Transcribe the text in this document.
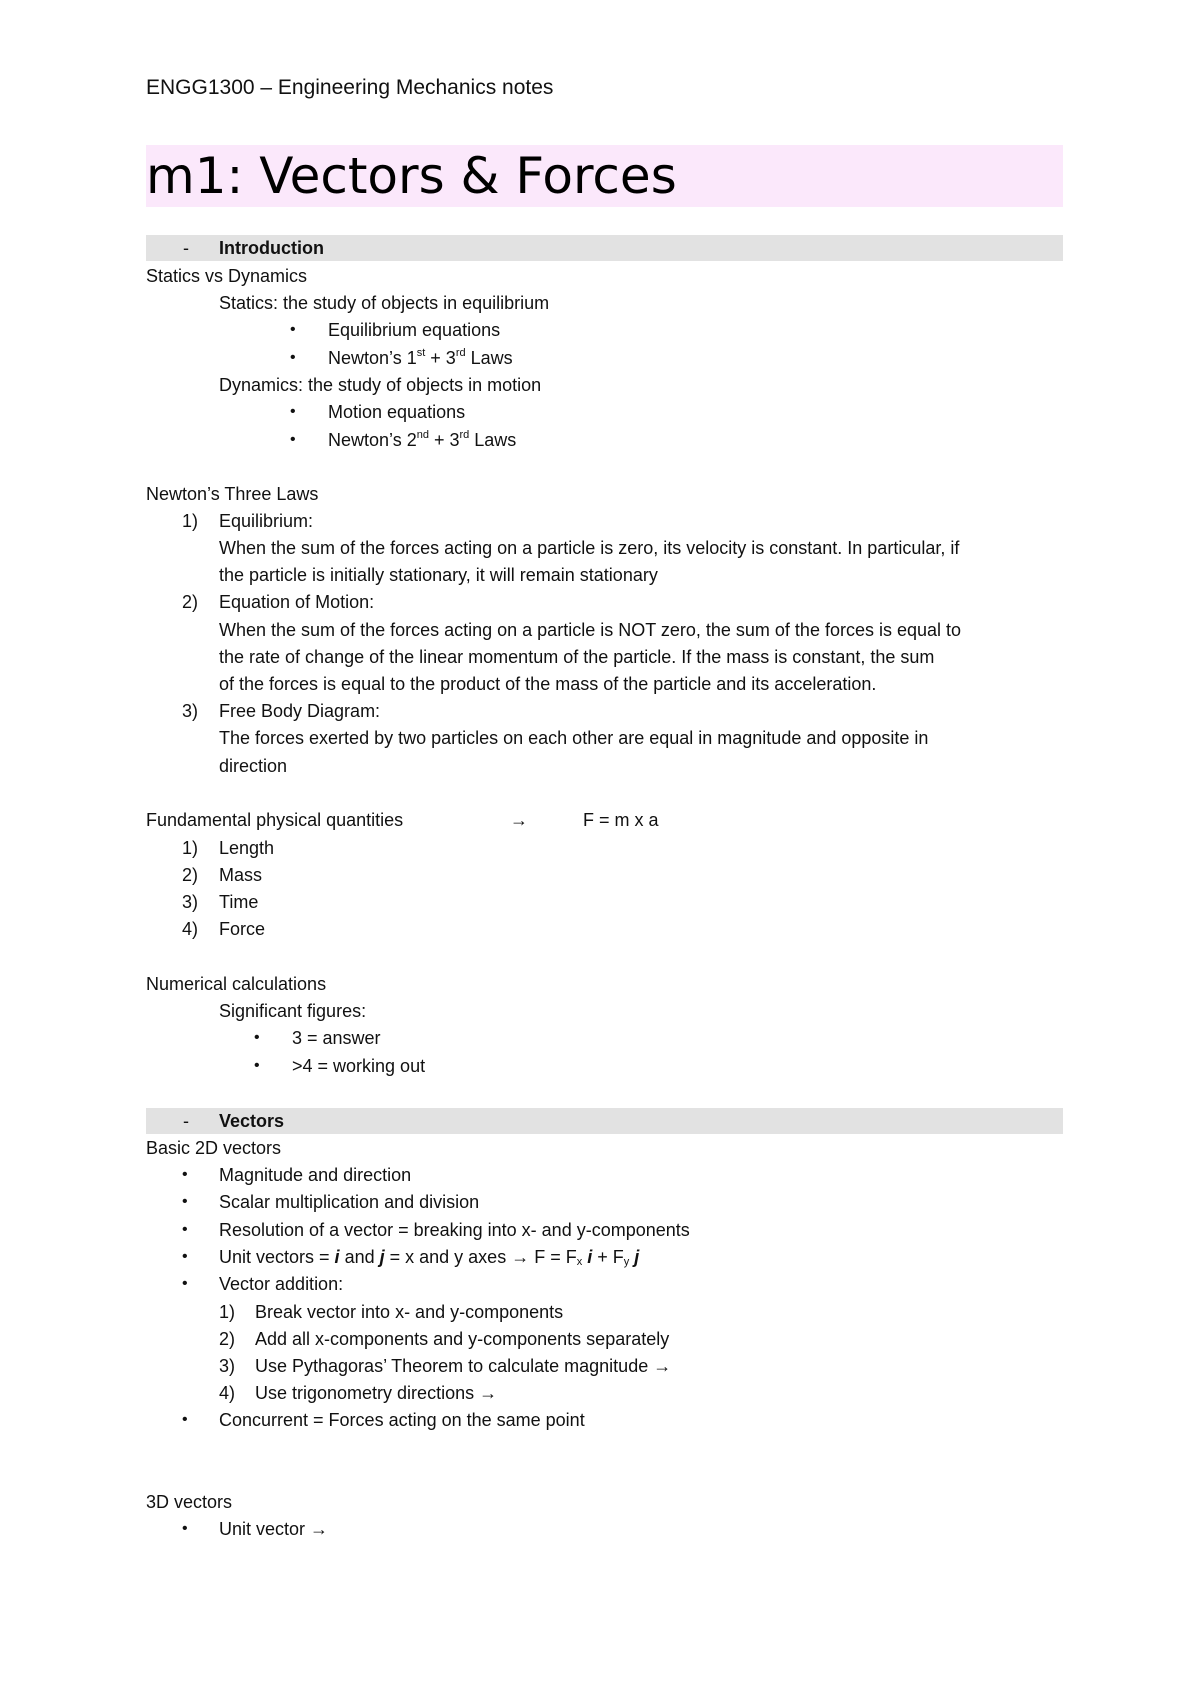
ENGG1300 – Engineering Mechanics notes
m1: Vectors & Forces
- Introduction
Statics vs Dynamics
Statics: the study of objects in equilibrium
• Equilibrium equations
• Newton’s 1st + 3rd Laws
Dynamics: the study of objects in motion
• Motion equations
• Newton’s 2nd + 3rd Laws
Newton’s Three Laws
1) Equilibrium:
When the sum of the forces acting on a particle is zero, its velocity is constant. In particular, if
the particle is initially stationary, it will remain stationary
2) Equation of Motion:
When the sum of the forces acting on a particle is NOT zero, the sum of the forces is equal to
the rate of change of the linear momentum of the particle. If the mass is constant, the sum
of the forces is equal to the product of the mass of the particle and its acceleration.
3) Free Body Diagram:
The forces exerted by two particles on each other are equal in magnitude and opposite in
direction
Fundamental physical quantities	→	F = m x a
1) Length
2) Mass
3) Time
4) Force
Numerical calculations
Significant figures:
• 3 = answer
• >4 = working out
- Vectors
Basic 2D vectors
• Magnitude and direction
• Scalar multiplication and division
• Resolution of a vector = breaking into x- and y-components
• Unit vectors = i and j = x and y axes → $F = F_x$ $i + F_y$ j
• Vector addition:
1) Break vector into x- and y-components
2) Add all x-components and y-components separately
3) Use Pythagoras’ Theorem to calculate magnitude →
4) Use trigonometry directions →
• Concurrent = Forces acting on the same point
3D vectors
• Unit vector →
